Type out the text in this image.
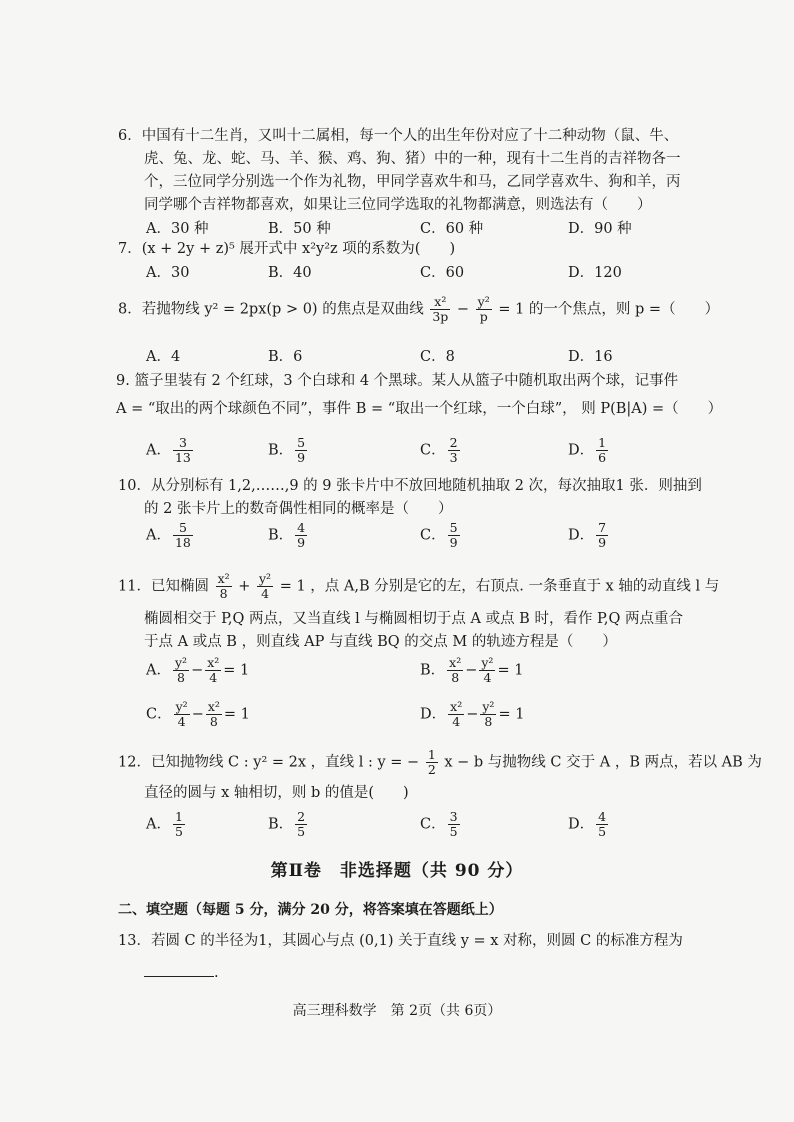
6．中国有十二生肖，又叫十二属相，每一个人的出生年份对应了十二种动物（鼠、牛、
虎、兔、龙、蛇、马、羊、猴、鸡、狗、猪）中的一种，现有十二生肖的吉祥物各一
个，三位同学分别选一个作为礼物，甲同学喜欢牛和马，乙同学喜欢牛、狗和羊，丙
同学哪个吉祥物都喜欢，如果让三位同学选取的礼物都满意，则选法有（　　）
A．30 种	B．50 种	C．60 种	D．90 种
7．(x + 2y + z)⁵ 展开式中 x²y²z 项的系数为(　　)
A．30	B．40	C．60	D．120
8．若抛物线 y² = 2px(p > 0) 的焦点是双曲线 $\frac{\text{x²}}{3p} - \frac{\text{y²}}{p} = 1$ 的一个焦点，则 p =（　　）
A．4	B．6	C．8	D．16
9. 篮子里装有 2 个红球，3 个白球和 4 个黑球。某人从篮子中随机取出两个球，记事件
A = “取出的两个球颜色不同”，事件 B = “取出一个红球，一个白球”， 则 P(B|A) =（　　）
A． $\frac{3}{13}$	B． $\frac{5}{9}$	C． $\frac{2}{3}$	D． $\frac{1}{6}$
10．从分别标有 1,2,……,9 的 9 张卡片中不放回地随机抽取 2 次，每次抽取1 张．则抽到
的 2 张卡片上的数奇偶性相同的概率是（　　）
A． $\frac{5}{18}$	B． $\frac{4}{9}$	C． $\frac{5}{9}$	D． $\frac{7}{9}$
11．已知椭圆 $\frac{\text{x²}}{8} + \frac{\text{y²}}{4} = 1$ ，点 A,B 分别是它的左，右顶点. 一条垂直于 x 轴的动直线 l 与
椭圆相交于 P,Q 两点，又当直线 l 与椭圆相切于点 A 或点 B 时，看作 P,Q 两点重合
于点 A 或点 B ，则直线 AP 与直线 BQ 的交点 M 的轨迹方程是（　　）
A． $\frac{\text{y²}}{8} - \frac{\text{x²}}{4} = 1$	B． $\frac{\text{x²}}{8} - \frac{\text{y²}}{4} = 1$
C． $\frac{\text{y²}}{4} - \frac{\text{x²}}{8} = 1$	D． $\frac{\text{x²}}{4} - \frac{\text{y²}}{8} = 1$
12．已知抛物线 C : y² = 2x ，直线 l : y = − $\frac{1}{2}$ x − b 与抛物线 C 交于 A ，B 两点，若以 AB 为
直径的圆与 x 轴相切，则 b 的值是(　　)
A． $\frac{1}{5}$	B． $\frac{2}{5}$	C． $\frac{3}{5}$	D． $\frac{4}{5}$
第Ⅱ卷　非选择题（共 90 分）
二、填空题（每题 5 分，满分 20 分，将答案填在答题纸上）
13．若圆 C 的半径为1，其圆心与点 (0,1) 关于直线 y = x 对称，则圆 C 的标准方程为
.
高三理科数学　第 2页（共 6页）
